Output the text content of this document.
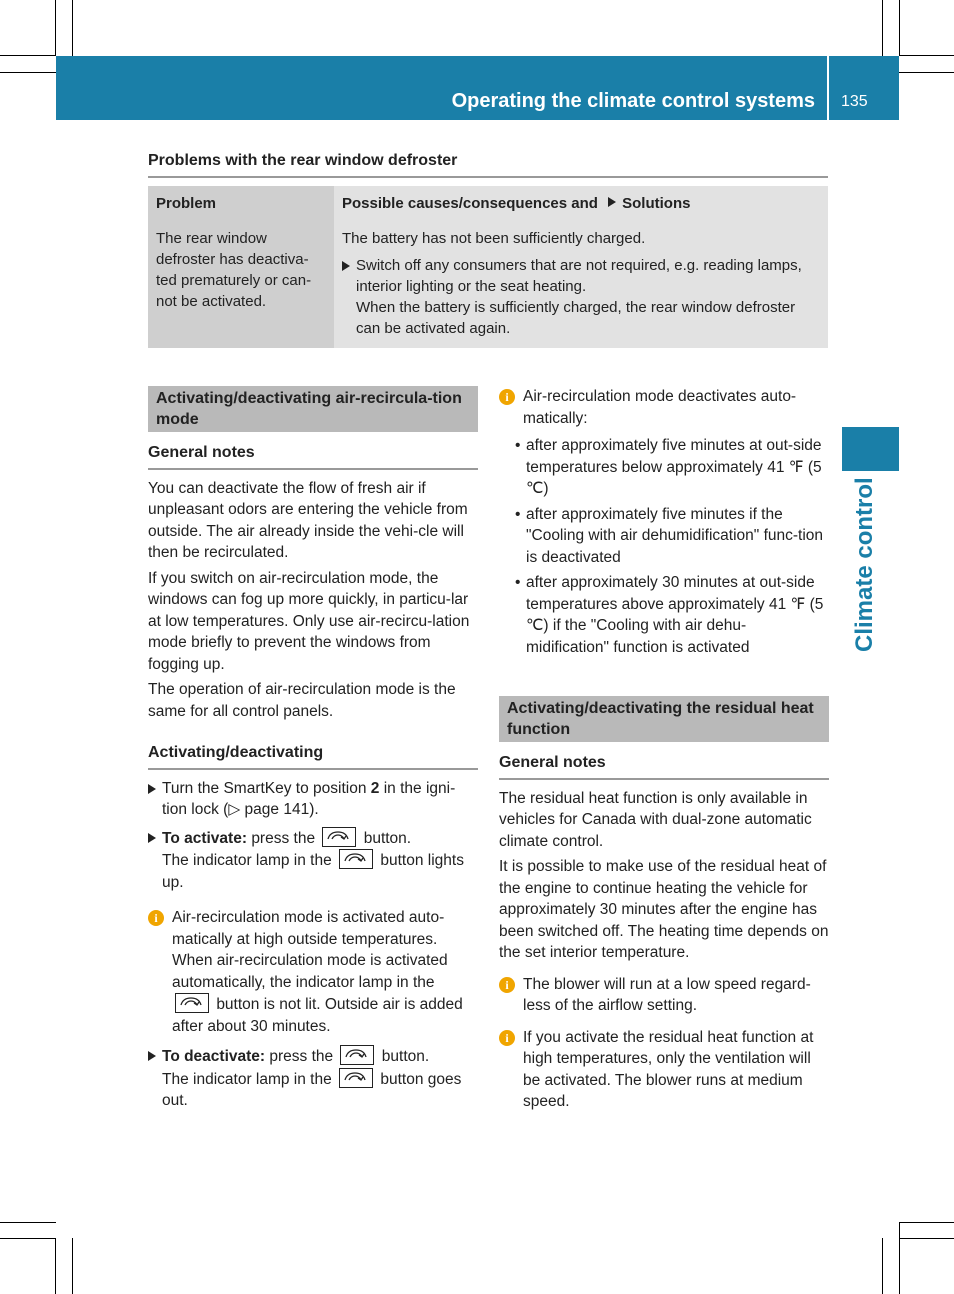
Operating the climate control systems 135
Climate control
Problems with the rear window defroster
Problem	Possible causes/consequences and Solutions

The rear window defroster has deactiva-ted prematurely or can-not be activated.	The battery has not been sufficiently charged.

Switch off any consumers that are not required, e.g. reading lamps, interior lighting or the seat heating.
When the battery is sufficiently charged, the rear window defroster can be activated again.
Activating/deactivating air-recircula-tion mode
General notes

You can deactivate the flow of fresh air if unpleasant odors are entering the vehicle from outside. The air already inside the vehi-cle will then be recirculated.

If you switch on air-recirculation mode, the windows can fog up more quickly, in particu-lar at low temperatures. Only use air-recircu-lation mode briefly to prevent the windows from fogging up.

The operation of air-recirculation mode is the same for all control panels.

Activating/deactivating
Turn the SmartKey to position 2 in the igni-tion lock (▷ page 141).
To activate: press the	button.
The indicator lamp in the	button lights up.
i Air-recirculation mode is activated auto-matically at high outside temperatures. When air-recirculation mode is activated automatically, the indicator lamp in the
button is not lit. Outside air is added after about 30 minutes.
To deactivate: press the	button.
The indicator lamp in the	button goes out.
i Air-recirculation mode deactivates auto-matically:
• after approximately five minutes at out-side temperatures below approximately 41 ℉ (5 ℃)
• after approximately five minutes if the "Cooling with air dehumidification" func-tion is deactivated
• after approximately 30 minutes at out-side temperatures above approximately 41 ℉ (5 ℃) if the "Cooling with air dehu-midification" function is activated
Activating/deactivating the residual heat function
General notes

The residual heat function is only available in vehicles for Canada with dual-zone automatic climate control.

It is possible to make use of the residual heat of the engine to continue heating the vehicle for approximately 30 minutes after the engine has been switched off. The heating time depends on the set interior temperature.

i The blower will run at a low speed regard-less of the airflow setting.
i If you activate the residual heat function at high temperatures, only the ventilation will be activated. The blower runs at medium speed.
